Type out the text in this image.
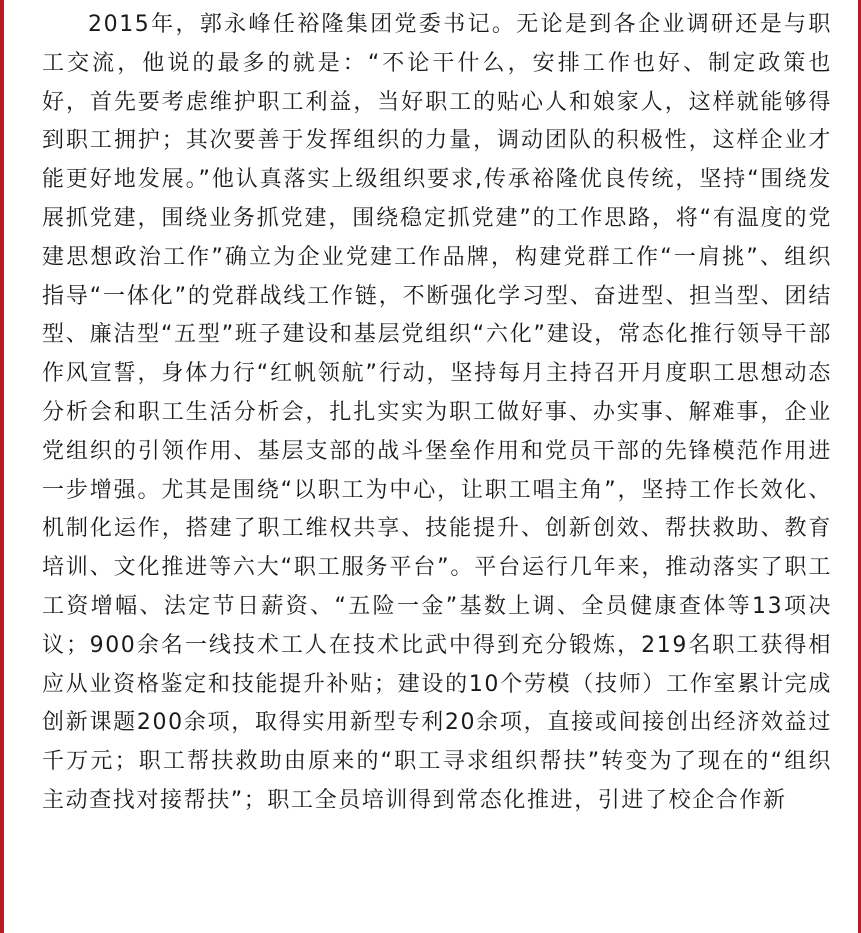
2015年，郭永峰任裕隆集团党委书记。无论是到各企业调研还是与职工交流，他说的最多的就是：“不论干什么，安排工作也好、制定政策也好，首先要考虑维护职工利益，当好职工的贴心人和娘家人，这样就能够得到职工拥护；其次要善于发挥组织的力量，调动团队的积极性，这样企业才能更好地发展。”他认真落实上级组织要求,传承裕隆优良传统，坚持“围绕发展抓党建，围绕业务抓党建，围绕稳定抓党建”的工作思路，将“有温度的党建思想政治工作”确立为企业党建工作品牌，构建党群工作“一肩挑”、组织指导“一体化”的党群战线工作链，不断强化学习型、奋进型、担当型、团结型、廉洁型“五型”班子建设和基层党组织“六化”建设，常态化推行领导干部作风宣誓，身体力行“红帆领航”行动，坚持每月主持召开月度职工思想动态分析会和职工生活分析会，扎扎实实为职工做好事、办实事、解难事，企业党组织的引领作用、基层支部的战斗堡垒作用和党员干部的先锋模范作用进一步增强。尤其是围绕“以职工为中心，让职工唱主角”，坚持工作长效化、机制化运作，搭建了职工维权共享、技能提升、创新创效、帮扶救助、教育培训、文化推进等六大“职工服务平台”。平台运行几年来，推动落实了职工工资增幅、法定节日薪资、“五险一金”基数上调、全员健康查体等13项决议；900余名一线技术工人在技术比武中得到充分锻炼，219名职工获得相应从业资格鉴定和技能提升补贴；建设的10个劳模（技师）工作室累计完成创新课题200余项，取得实用新型专利20余项，直接或间接创出经济效益过千万元；职工帮扶救助由原来的“职工寻求组织帮扶”转变为了现在的“组织主动查找对接帮扶”；职工全员培训得到常态化推进，引进了校企合作新
